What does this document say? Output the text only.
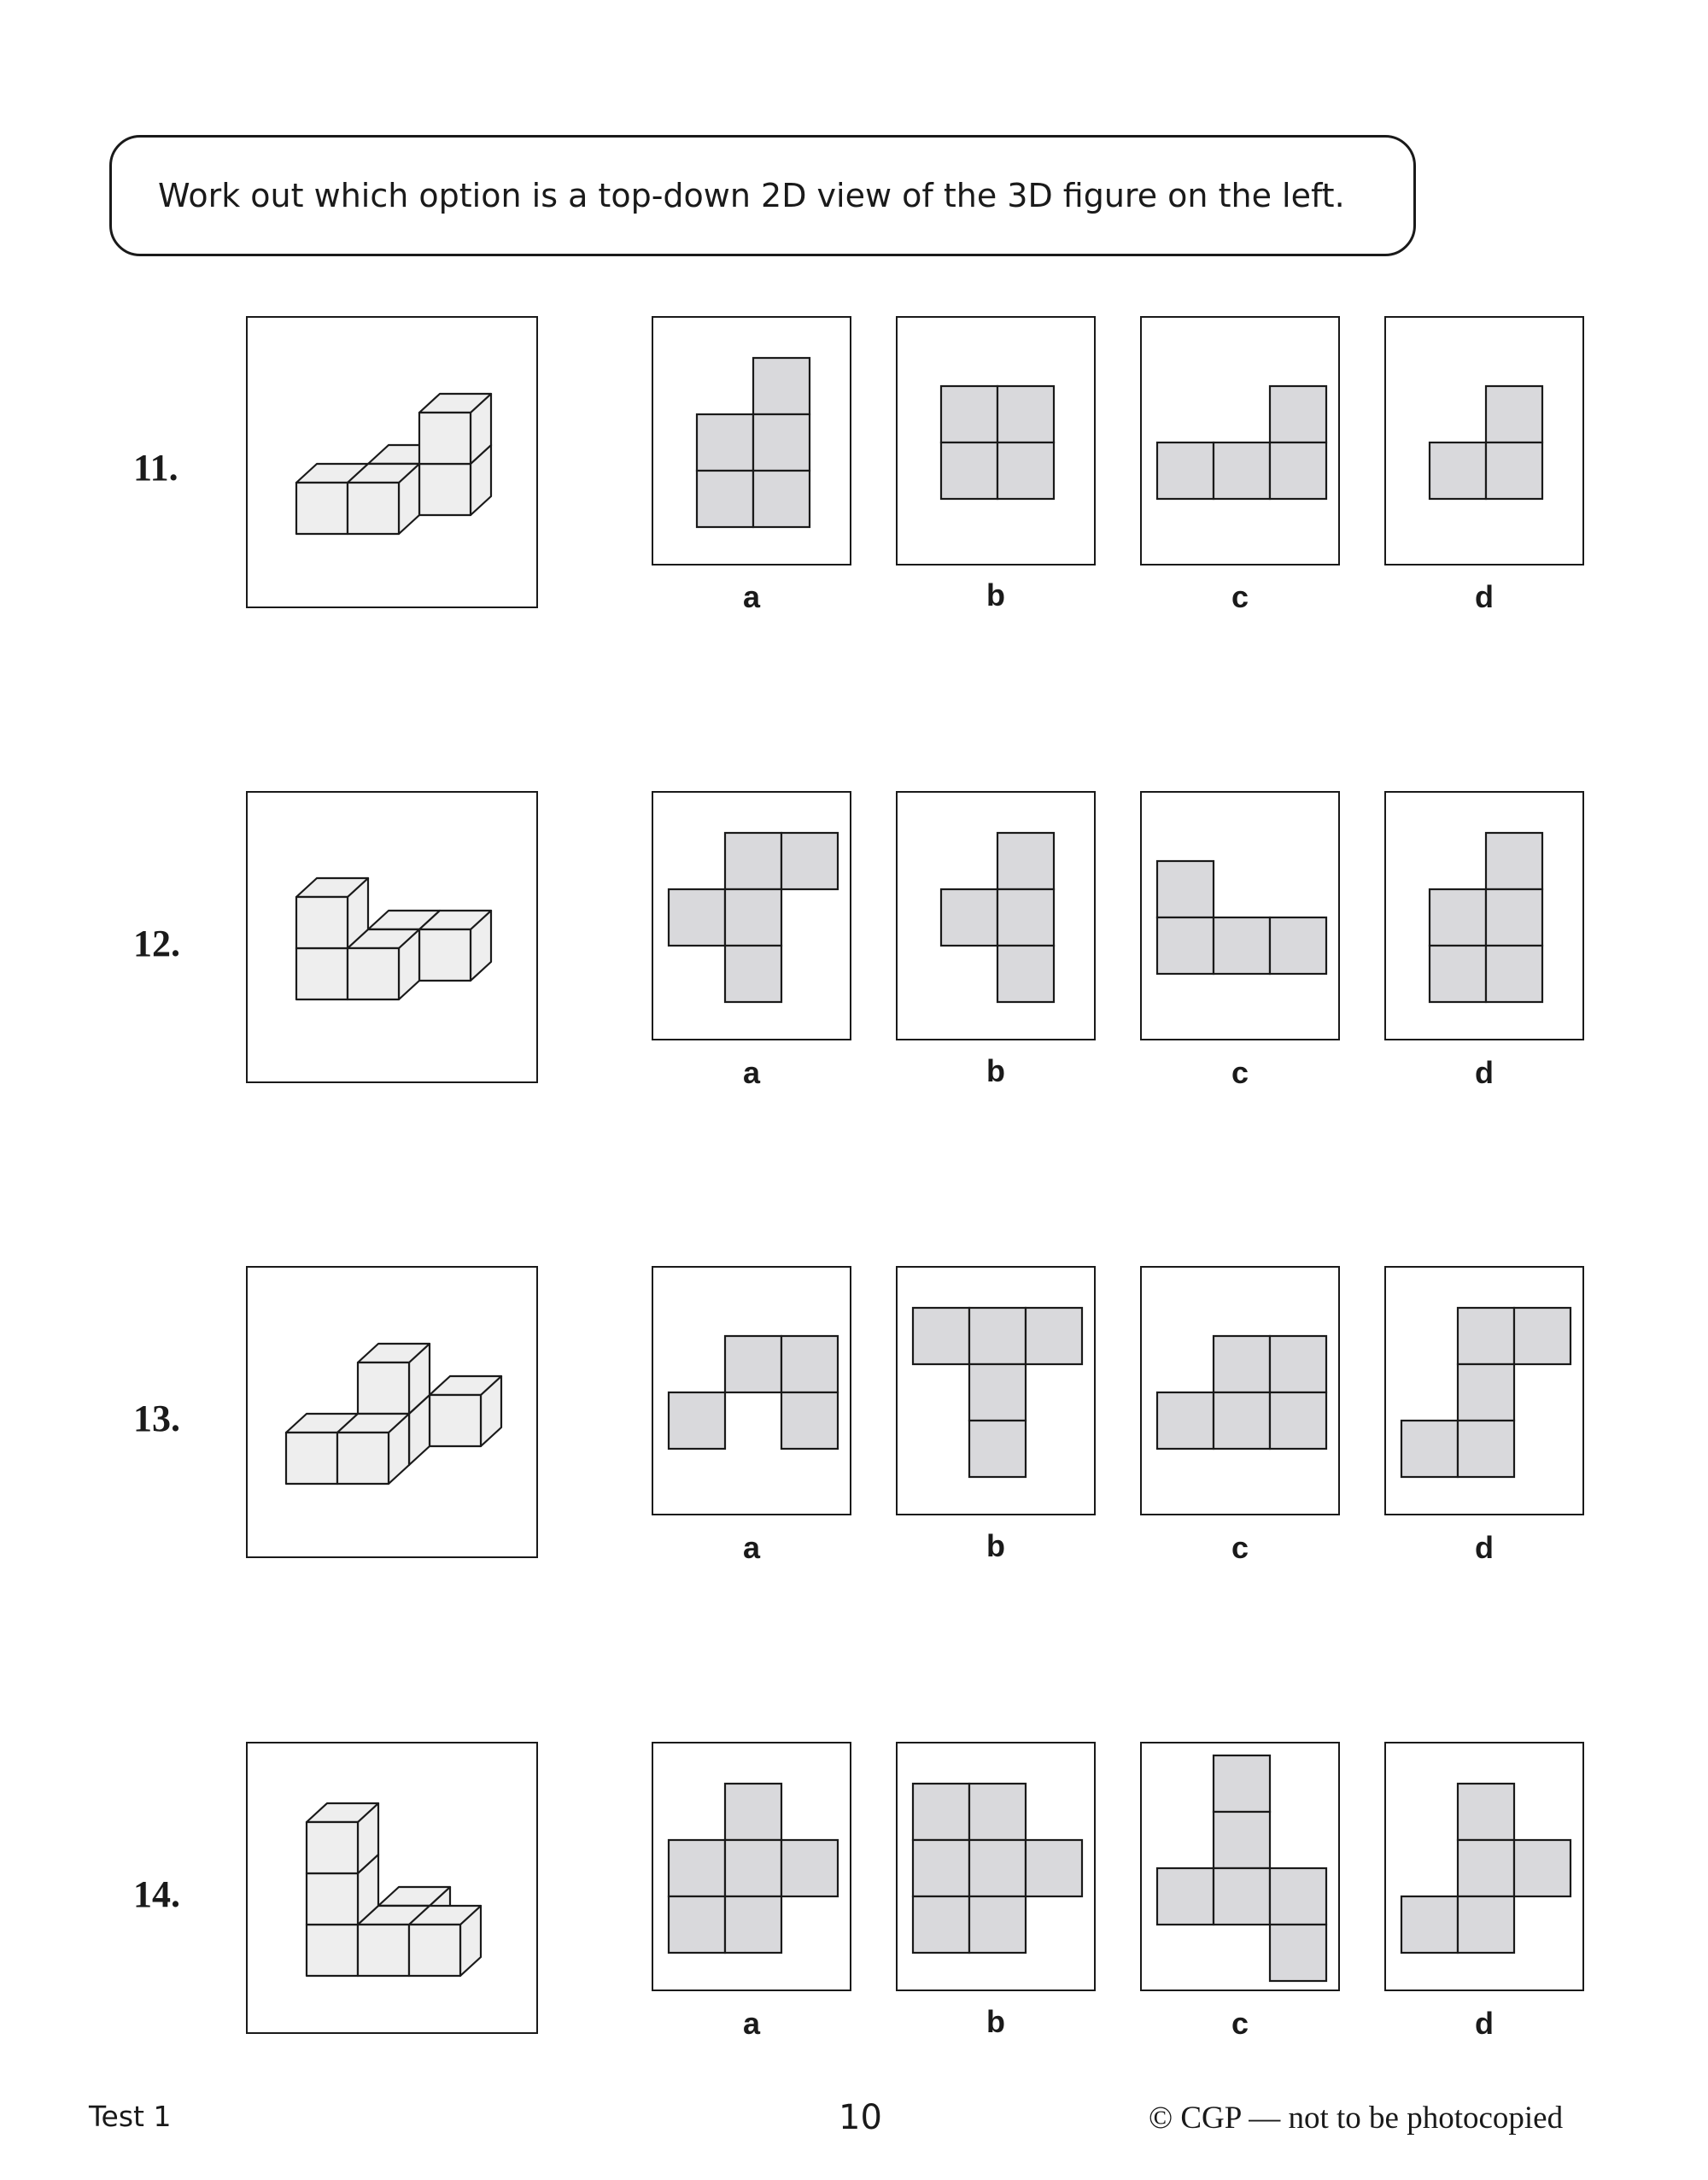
Work out which option is a top-down 2D view of the 3D figure on the left.
11.
a	b	c	d
12.
a	b	c	d
13.
a	b	c	d
14.
a	b	c	d
Test 1	10	© CGP — not to be photocopied
